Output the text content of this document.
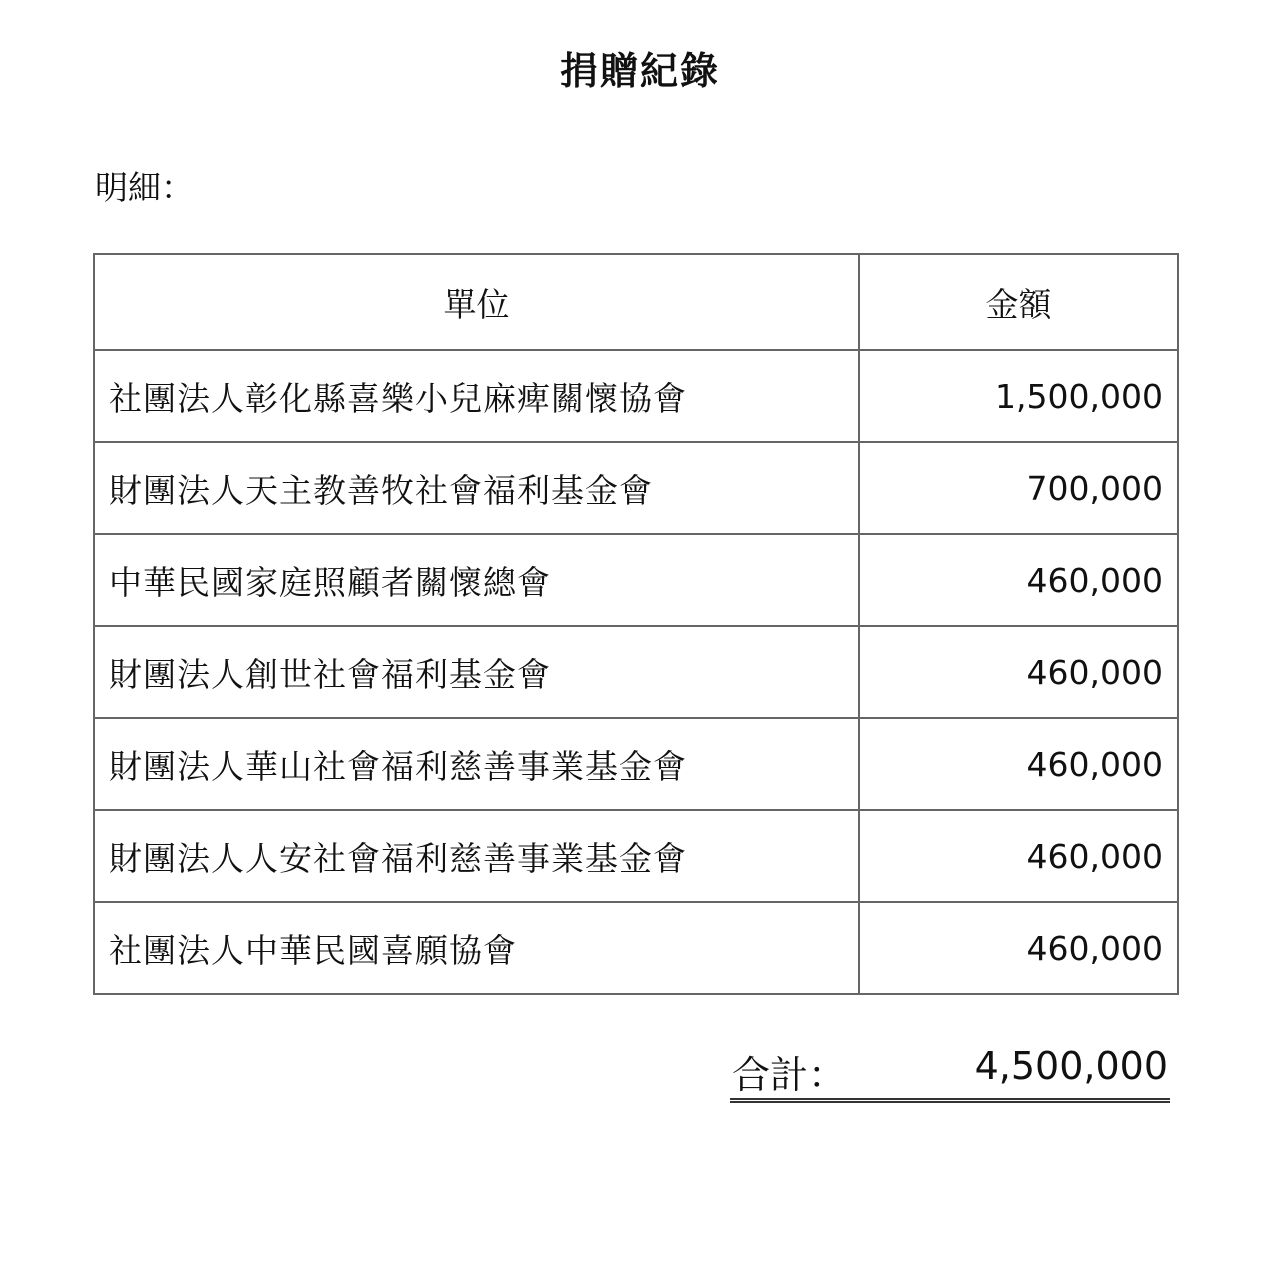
捐贈紀錄
明細：
單位	金額
社團法人彰化縣喜樂小兒麻痺關懷協會	1,500,000
財團法人天主教善牧社會福利基金會	700,000
中華民國家庭照顧者關懷總會	460,000
財團法人創世社會福利基金會	460,000
財團法人華山社會福利慈善事業基金會	460,000
財團法人人安社會福利慈善事業基金會	460,000
社團法人中華民國喜願協會	460,000
合計：	4,500,000
